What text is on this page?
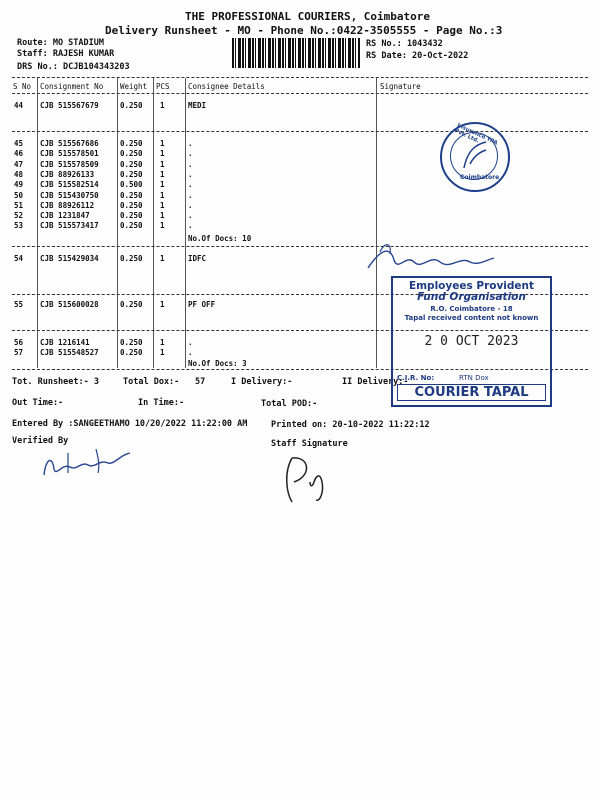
THE PROFESSIONAL COURIERS, Coimbatore
Delivery Runsheet - MO - Phone No.:0422-3505555 - Page No.:3
Route: MO STADIUM
Staff: RAJESH KUMAR
DRS No.: DCJB104343203
RS No.: 1043432
RS Date: 20-Oct-2022
S No Consignment No Weight PCS Consignee Details	Signature
44 CJB 515567679	0.250 1	MEDI
45 CJB 515567686	0.250 1	.
46 CJB 515578501	0.250 1	.
47 CJB 515578509	0.250 1	.
48 CJB 88926133	0.250 1	.
49 CJB 515582514	0.500 1	.
50 CJB 515430750	0.250 1	.
51 CJB 88926112	0.250 1	.
52 CJB 1231847	0.250 1	.
53 CJB 515573417	0.250 1	.
No.Of Docs: 10
54 CJB 515429034	0.250 1	IDFC
55 CJB 515600028	0.250 1	PF OFF
56 CJB 1216141	0.250 1	.
57 CJB 515548527	0.250 1	.
No.Of Docs: 3
Tot. Runsheet:- 3	Total Dox:- 57	I Delivery:-	II Delivery:-
Out Time:-	In Time:-	Total POD:-
Entered By :SANGEETHAMO 10/20/2022 11:22:00 AM	Printed on: 20-10-2022 11:22:12
Verified By	Staff Signature
Insurance TPA Pvt. Ltd.
Coimbatore
Employees Provident
Fund Organisation
R.O. Coimbatore - 18
Tapal received content not known
2 0 OCT 2023
C.I.R. No:	RTN Dox
COURIER TAPAL
